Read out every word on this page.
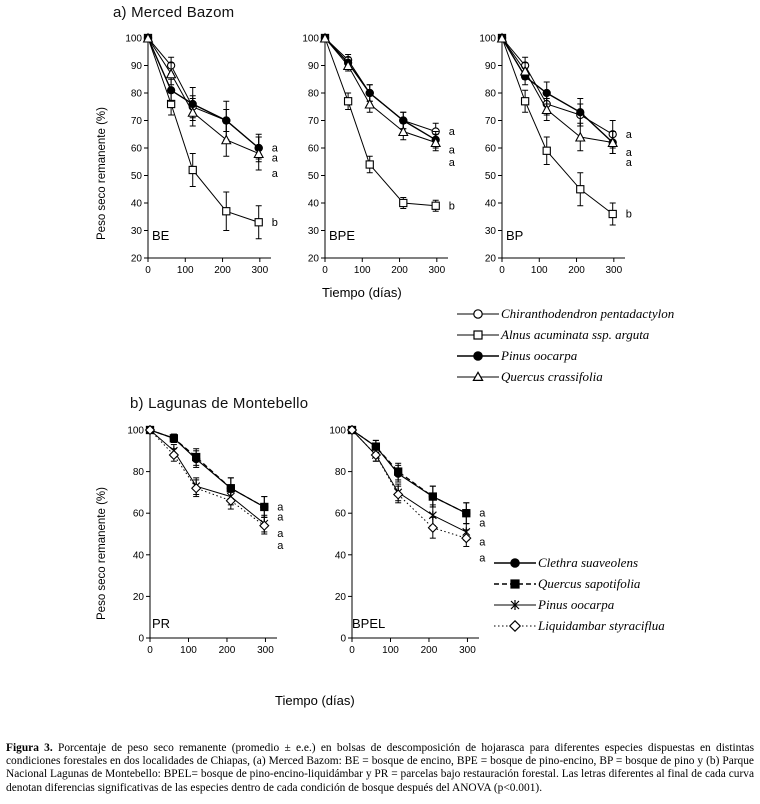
a) Merced Bazom
Peso seco remanente (%)
20
30
40
50
60
70
80
90
100
0	100 200 300
a
b
a
a
BE
20
30
40
50
60
70
80
90
100
0	100 200 300
a
b
a
a
BPE
20
30
40
50
60
70
80
90
100
0	100 200 300
a
b
a
a
BP
Tiempo (días)
Chiranthodendron pentadactylon
Alnus acuminata ssp. arguta
Pinus oocarpa
Quercus crassifolia
b) Lagunas de Montebello
Peso seco remanente (%)
0
20
40
60
80
100
0	100 200 300
a
a
a
a
PR
0
20
40
60
80
100
0	100 200 300
a
a
a
a
BPEL
Tiempo (días)
Clethra suaveolens
Quercus sapotifolia
Pinus oocarpa
Liquidambar styraciflua
Figura 3. Porcentaje de peso seco remanente (promedio ± e.e.) en bolsas de descomposición de hojarasca para diferentes especies dispuestas en distintas condiciones forestales en dos localidades de Chiapas, (a) Merced Bazom: BE = bosque de encino, BPE = bosque de pino-encino, BP = bosque de pino y (b) Parque Nacional Lagunas de Montebello: BPEL= bosque de pino-encino-liquidámbar y PR = parcelas bajo restauración forestal. Las letras diferentes al final de cada curva denotan diferencias significativas de las especies dentro de cada condición de bosque después del ANOVA (p<0.001).
